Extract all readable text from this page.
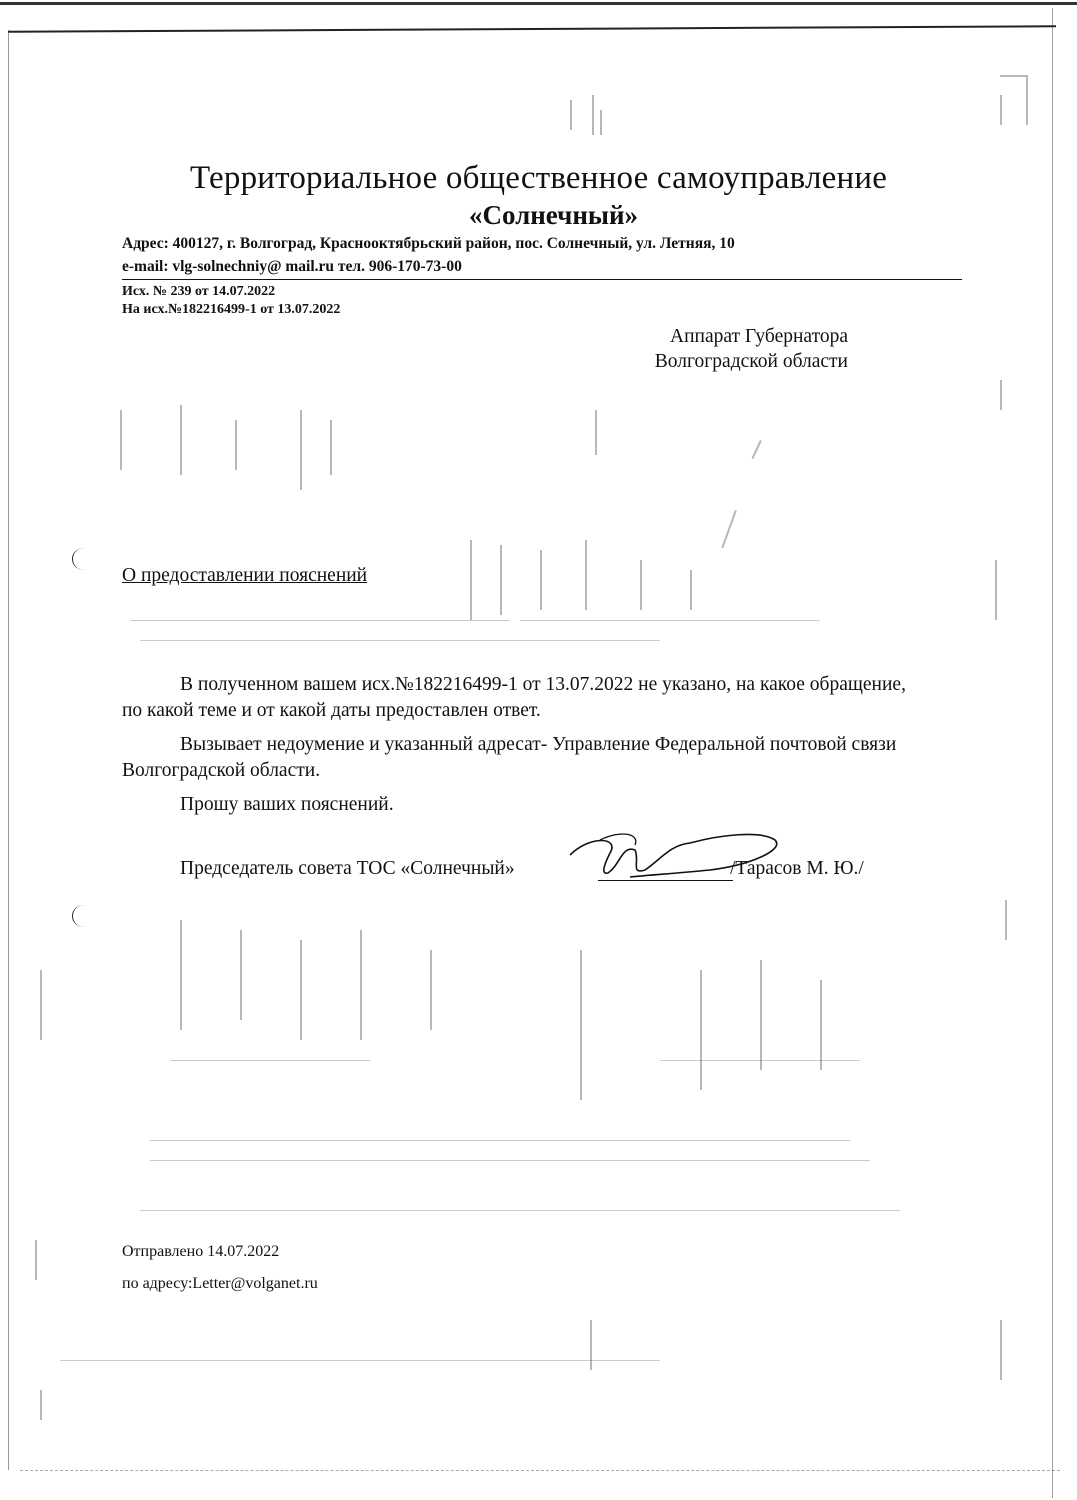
Территориальное общественное самоуправление
«Солнечный»
Адрес: 400127, г. Волгоград, Краснооктябрьский район, пос. Солнечный, ул. Летняя, 10
e-mail: vlg-solnechniy@ mail.ru тел. 906-170-73-00
Исх. № 239 от 14.07.2022
На исх.№182216499-1 от 13.07.2022
Аппарат Губернатора
Волгоградской области
О предоставлении пояснений

В полученном вашем исх.№182216499-1 от 13.07.2022 не указано, на какое обращение, по какой теме и от какой даты предоставлен ответ.

Вызывает недоумение и указанный адресат- Управление Федеральной почтовой связи Волгоградской области.

Прошу ваших пояснений.

Председатель совета ТОС «Солнечный»	/Тарасов М. Ю./
Отправлено 14.07.2022
по адресу:Letter@volganet.ru
